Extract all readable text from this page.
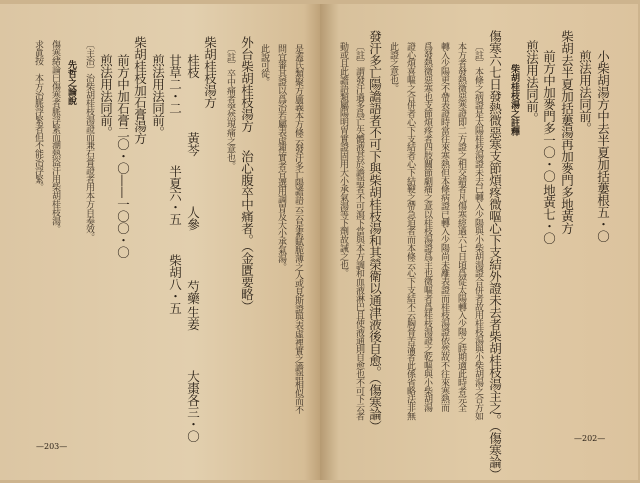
是蓋氏類聚方廣義本方條云發汗多亡陽譫語云云是素賦脆薄之人或見斯證與表虛裡實之譫語相似而不
問宜審其證以爲治若屬表虛裡實者宜選用調胃及大小承氣湯。
此說可從。
外台柴胡桂枝湯方
治心腹卒中痛者。（金匱要略）
〔註〕卒中痛者突然現痛之意也。
柴胡桂枝湯方
桂枝
黃芩
人參
芍藥
生姜
大棗各三・〇
甘草二・二
半夏六・五
柴胡八・五
煎法用法同前。
柴胡桂枝加石膏湯方
前方中加石膏二〇・〇——一〇〇・〇
煎法用法同前。
〔主治〕治柴胡桂枝湯證而兼石膏證者用本方自奏效。
先哲之論說
傷寒緒論曰傷寒者脈浮緊而潮熱盜汗用柴胡桂枝湯。
求眞按　本方治脈浮緊者但不能治浮緊。
—203—
小柴胡湯方中去半夏加括蔞根五・〇
煎法用法同前。
柴胡去半夏加括蔞湯再加麥門多地黃方
前方中加麥門多一〇・〇
地黃七・〇
煎法用法同前。
柴胡桂枝湯之註釋
傷寒六七日發熱微惡寒支節煩疼微嘔心下支結外證未去者柴胡桂枝湯主之。（傷寒論）
〔註〕本條之病證是太陽桂枝湯證未去已轉入少陽與小柴胡湯證合併者故用桂枝湯與小柴胡湯之合方如
本方者發熱微惡寒證即二方證之相交錯者凡傷寒經過六七日頃爲從太陽轉入少陽之時期適此時者完全
轉入少陽更不帶表證時當往來寒熱但本條病證已轉入少陽尚未離表證而桂枝湯證依然故不往來寒熱而
爲發熱微惡寒也支節煩疼者四肢關節劇痛之意以桂枝湯證爲主也微嘔者爲桂枝湯證之乾嘔與小柴胡湯
證心煩喜嘔之合併者心下支結者心下結鞕之帶急迫者而本條云心下支結不云胸脅苦滿者此係省略法非無
此證之意也。
發汗多亡陽譫語者不可下與柴胡桂枝湯和其榮衛以通津液後自愈。（傷寒論）
〔註〕謂發汗過多爲亡失體液甚於譫語者不可瀉下當與本方調和血液淋巴且使液通則自愈也不可下云者
動或且此譫語類屬陽明胃實證固用大小承氣湯等下劑故誡之也。
—202—
